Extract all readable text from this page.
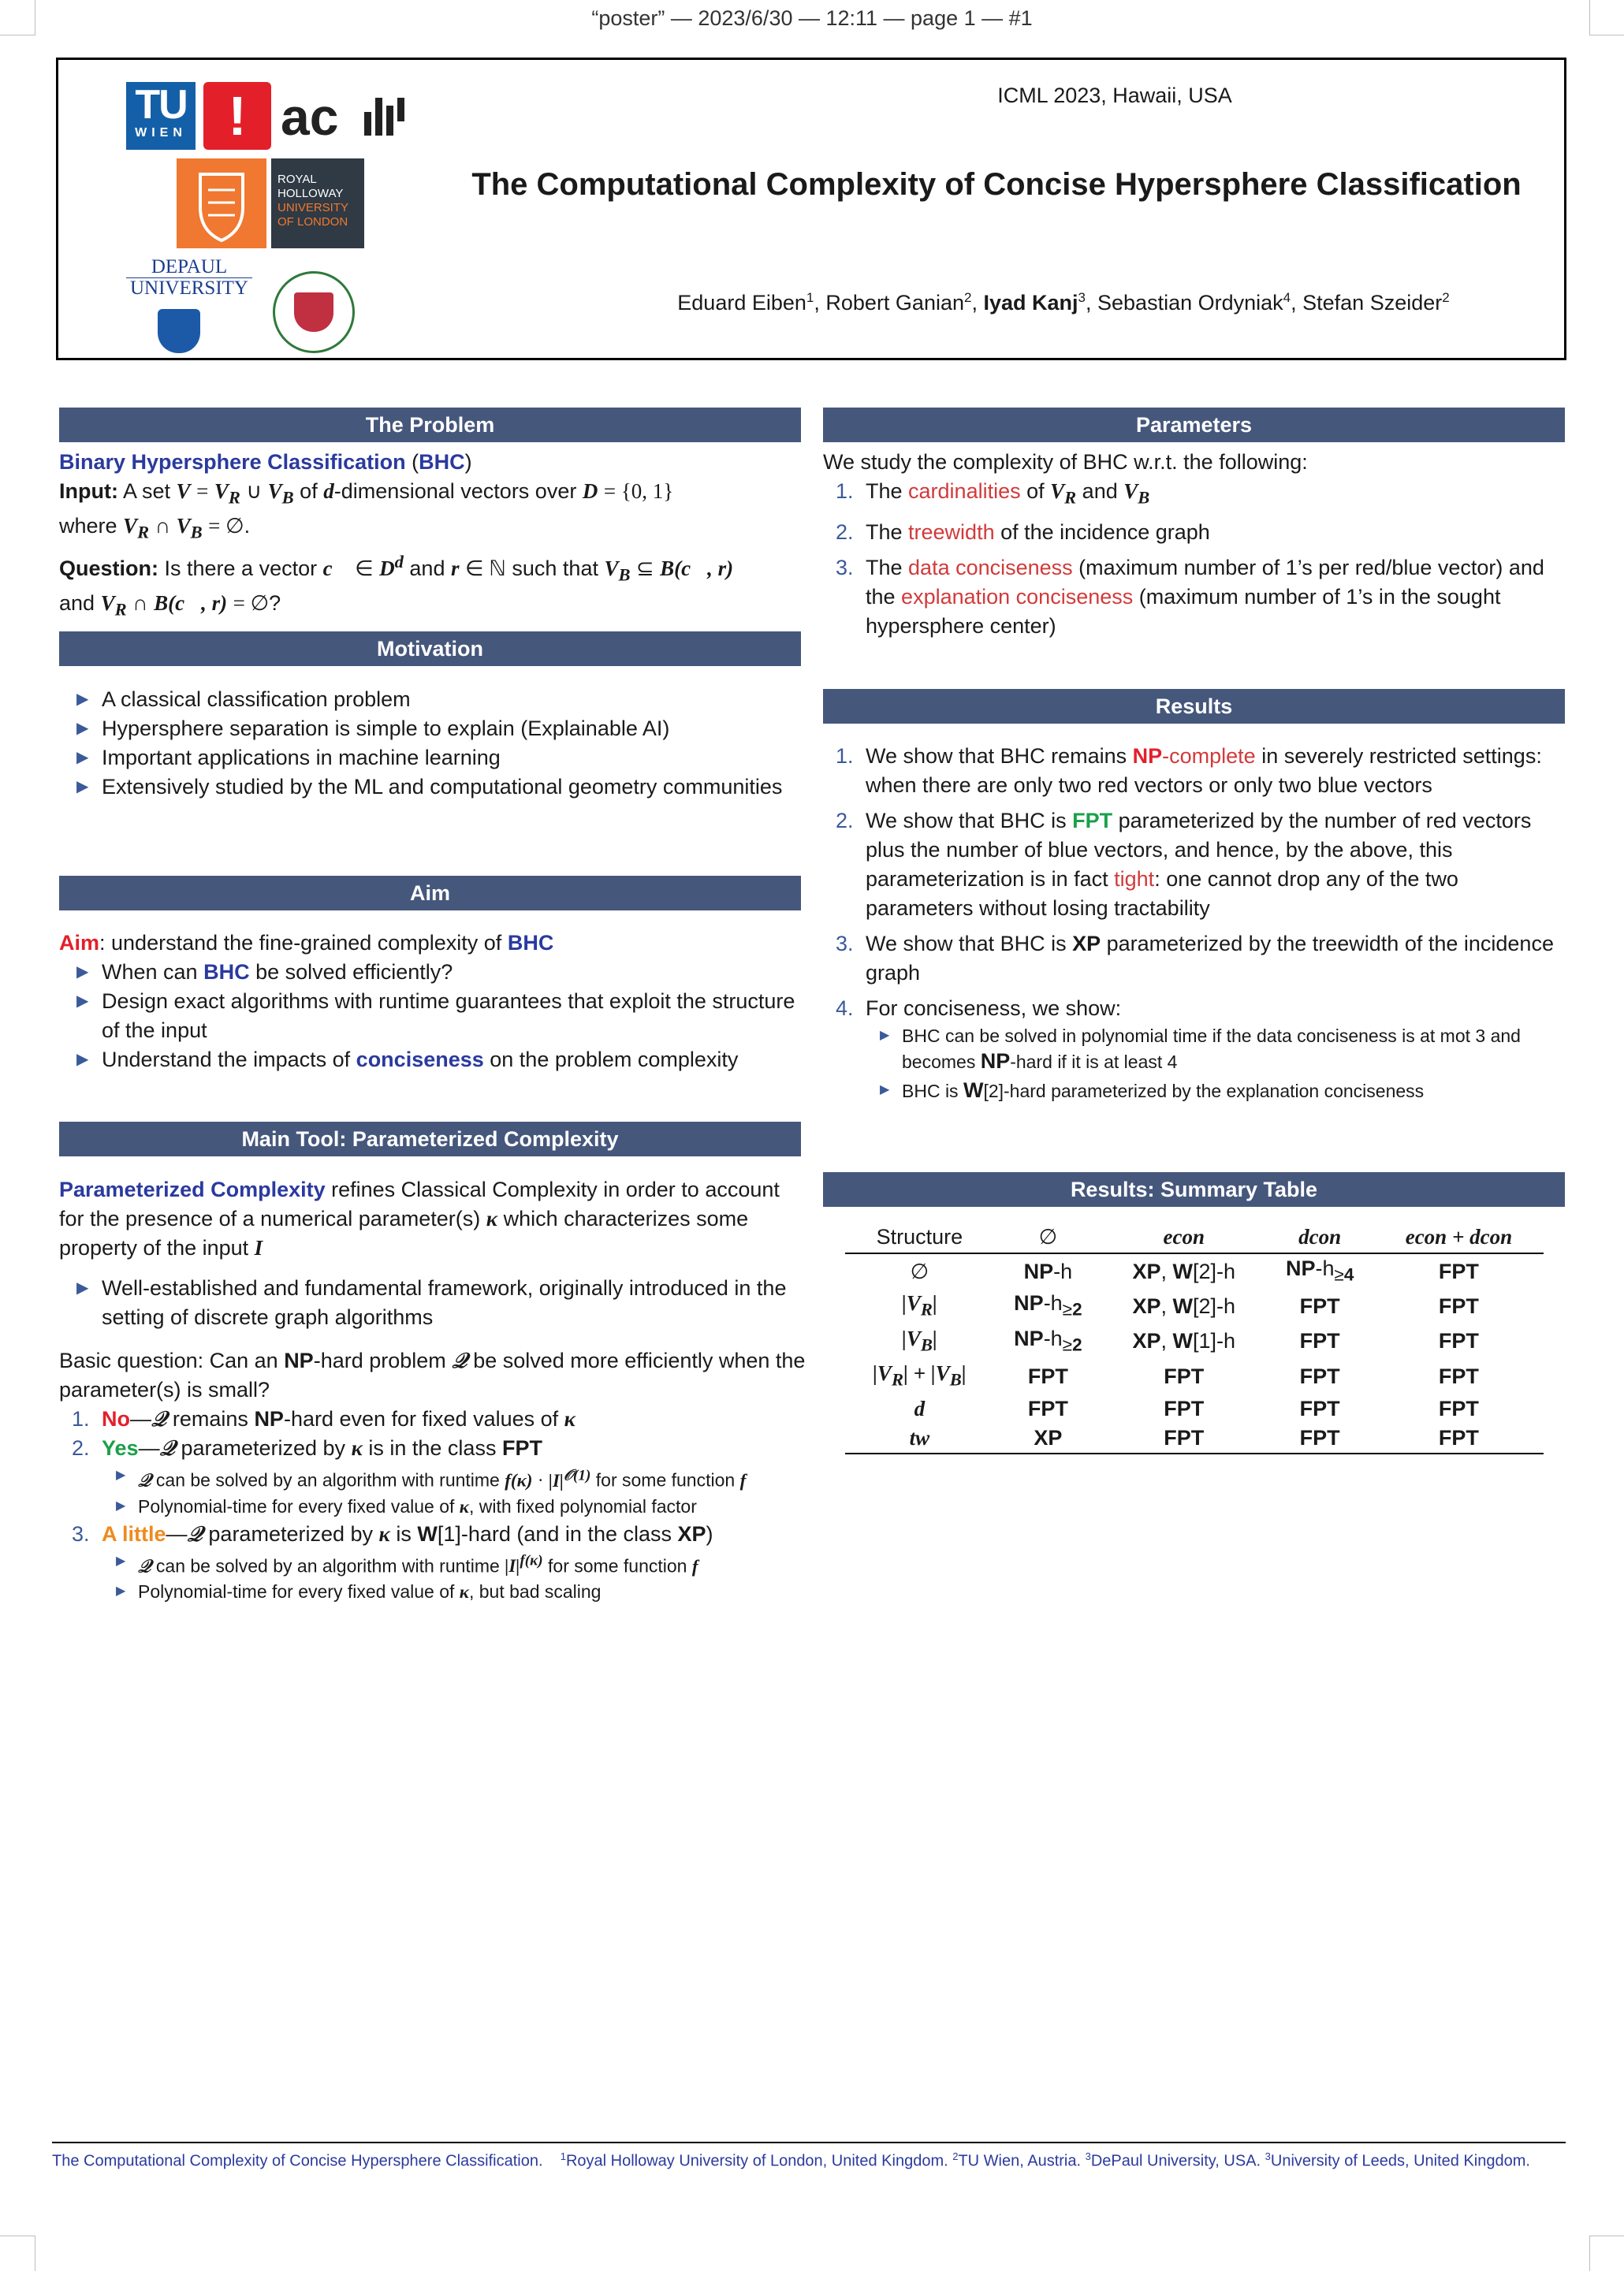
“poster” — 2023/6/30 — 12:11 — page 1 — #1
TU
WIEN ! ac
ROYAL
HOLLOWAY
UNIVERSITY
OF LONDON
DEPAUL
UNIVERSITY
ICML 2023, Hawaii, USA
The Computational Complexity of Concise Hypersphere Classification
Eduard Eiben$^1$, Robert Ganian$^2$, Iyad Kanj$^3$, Sebastian Ordyniak$^4$, Stefan Szeider$^2$
The Problem
Binary Hypersphere Classification (BHC)
Input: A set $V = V_R$ ∪ $V_B$ of d-dimensional vectors over D = {0, 1}
where $V_R$ ∩ $V_B$ = ∅.
Question: Is there a vector c⃗ ∈ $D^d$ and r ∈ ℕ such that $V_B$ ⊆ B(c⃗, r)
and $V_R$ ∩ B(c⃗, r) = ∅?
Motivation
▶ A classical classification problem
▶ Hypersphere separation is simple to explain (Explainable AI)
▶ Important applications in machine learning
▶ Extensively studied by the ML and computational geometry communities
Aim
Aim: understand the fine-grained complexity of BHC
▶ When can BHC be solved efficiently?
▶ Design exact algorithms with runtime guarantees that exploit the structure of the input
▶ Understand the impacts of conciseness on the problem complexity
Main Tool: Parameterized Complexity
Parameterized Complexity refines Classical Complexity in order to account for the presence of a numerical parameter(s) κ which characterizes some property of the input I
▶ Well-established and fundamental framework, originally introduced in the setting of discrete graph algorithms
Basic question: Can an NP-hard problem 𝒬 be solved more efficiently when the parameter(s) is small?
1. No—𝒬 remains NP-hard even for fixed values of κ
2. Yes—𝒬 parameterized by κ is in the class FPT
▶ 𝒬 can be solved by an algorithm with runtime $f(\kappa) \cdot |I|^{𝒪(1)}$ for some function f
▶ Polynomial-time for every fixed value of κ, with fixed polynomial factor
3. A little—𝒬 parameterized by κ is W[1]-hard (and in the class XP)
▶ 𝒬 can be solved by an algorithm with runtime $|I|^{f(\kappa)}$ for some function f
▶ Polynomial-time for every fixed value of κ, but bad scaling
Parameters
We study the complexity of BHC w.r.t. the following:
1. The cardinalities of $V_R$ and $V_B$
2. The treewidth of the incidence graph
3. The data conciseness (maximum number of 1’s per red/blue vector) and the explanation conciseness (maximum number of 1’s in the sought hypersphere center)
Results
1. We show that BHC remains NP-complete in severely restricted settings: when there are only two red vectors or only two blue vectors
2. We show that BHC is FPT parameterized by the number of red vectors plus the number of blue vectors, and hence, by the above, this parameterization is in fact tight: one cannot drop any of the two parameters without losing tractability
3. We show that BHC is XP parameterized by the treewidth of the incidence graph
4. For conciseness, we show:
▶ BHC can be solved in polynomial time if the data conciseness is at mot 3 and becomes NP-hard if it is at least 4
▶ BHC is W[2]-hard parameterized by the explanation conciseness
Results: Summary Table
Structure	∅	econ	dcon	econ + dcon
∅	NP-h	XP, W[2]-h	$NP-h_{\ge 4}$	FPT
$|V_R|$	$NP-h_{\ge 2}$	XP, W[2]-h	FPT	FPT
$|V_B|$	$NP-h_{\ge 2}$	XP, W[1]-h	FPT	FPT
$|V_R| + |V_B|$	FPT	FPT	FPT	FPT
d	FPT	FPT	FPT	FPT
tw	XP	FPT	FPT	FPT
The Computational Complexity of Concise Hypersphere Classification. $^1$Royal Holloway University of London, United Kingdom. $^2$TU Wien, Austria. $^3$DePaul University, USA. $^3$University of Leeds, United Kingdom.
